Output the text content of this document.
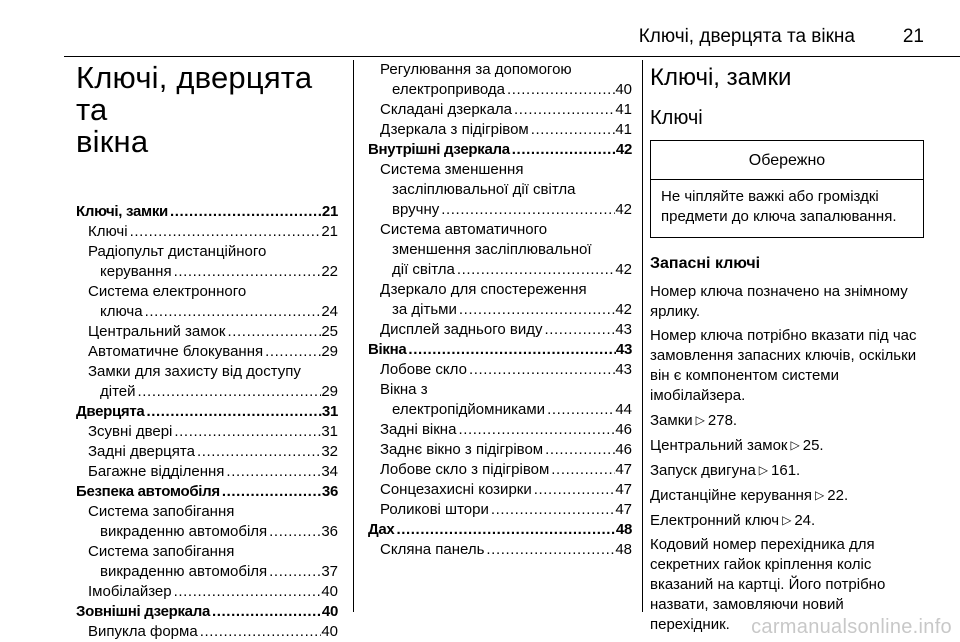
Ключі, дверцята та вікна	21
Ключі, дверцята та
вікна
Ключі, замки .....	21
Ключі .....	21
Радіопульт дистанційного
керування .....	22
Система електронного
ключа .....	24
Центральний замок .....	25
Автоматичне блокування .....	29
Замки для захисту від доступу
дітей .....	29
Дверцята .....	31
Зсувні двері .....	31
Задні дверцята .....	32
Багажне відділення .....	34
Безпека автомобіля .....	36
Система запобігання
викраденню автомобіля .....	36
Система запобігання
викраденню автомобіля .....	37
Імобілайзер .....	40
Зовнішні дзеркала .....	40
Випукла форма .....	40
Регулювання за допомогою
електроприводa .....	40
Складані дзеркала .....	41
Дзеркала з підігрівом .....	41
Внутрішні дзеркала .....	42
Система зменшення
засліплювальної дії світла
вручну .....	42
Система автоматичного
зменшення засліплювальної
дії світла .....	42
Дзеркало для спостереження
за дітьми .....	42
Дисплей заднього виду .....	43
Вікна .....	43
Лобове скло .....	43
Вікна з
електропідйомниками .....	44
Задні вікна .....	46
Заднє вікно з підігрівом .....	46
Лобове скло з підігрівом .....	47
Сонцезахисні козирки .....	47
Роликові штори .....	47
Дах .....	48
Скляна панель .....	48
Ключі, замки
Ключі
Обережно
Не чіпляйте важкі або громіздкі предмети до ключа запалювання.
Запасні ключі

Номер ключа позначено на знімному ярлику.

Номер ключа потрібно вказати під час замовлення запасних ключів, оскільки він є компонентом системи імобілайзера.

Замки ▷ 278.

Центральний замок ▷ 25.

Запуск двигуна ▷ 161.

Дистанційне керування ▷ 22.

Електронний ключ ▷ 24.

Кодовий номер перехідника для секретних гайок кріплення коліс вказаний на картці. Його потрібно назвати, замовляючи новий перехідник.	carmanualsonline.info
